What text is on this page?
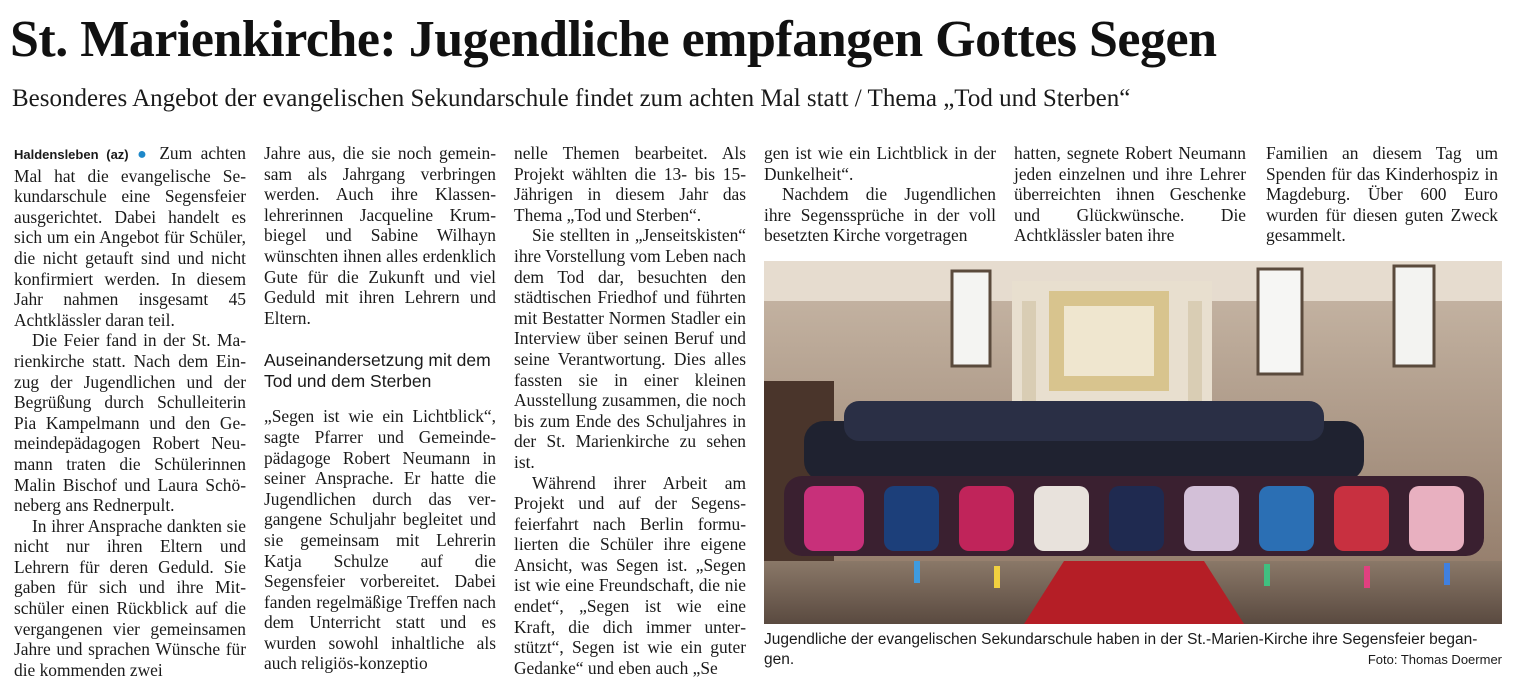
St. Marienkirche: Jugendliche empfangen Gottes Segen
Besonderes Angebot der evangelischen Sekundarschule findet zum achten Mal statt / Thema „Tod und Sterben“

Haldensleben (az) ● Zum achten Mal hat die evangelische Sekundarschule eine Segensfeier ausgerichtet. Dabei handelt es sich um ein Angebot für Schüler, die nicht getauft sind und nicht konfirmiert werden. In diesem Jahr nahmen insgesamt 45 Achtklässler daran teil.

Die Feier fand in der St. Marienkirche statt. Nach dem Einzug der Jugendlichen und der Begrüßung durch Schulleiterin Pia Kampelmann und den Gemeindepädagogen Robert Neumann traten die Schülerinnen Malin Bischof und Laura Schöneberg ans Rednerpult.

In ihrer Ansprache dankten sie nicht nur ihren Eltern und Lehrern für deren Geduld. Sie gaben für sich und ihre Mitschüler einen Rückblick auf die vergangenen vier gemeinsamen Jahre und sprachen Wünsche für die kommenden zwei

Jahre aus, die sie noch gemeinsam als Jahrgang verbringen werden. Auch ihre Klassenlehrerinnen Jacqueline Krumbiegel und Sabine Wilhayn wünschten ihnen alles erdenklich Gute für die Zukunft und viel Geduld mit ihren Lehrern und Eltern.

Auseinandersetzung mit dem Tod und dem Sterben

„Segen ist wie ein Lichtblick“, sagte Pfarrer und Gemeindepädagoge Robert Neumann in seiner Ansprache. Er hatte die Jugendlichen durch das vergangene Schuljahr begleitet und sie gemeinsam mit Lehrerin Katja Schulze auf die Segensfeier vorbereitet. Dabei fanden regelmäßige Treffen nach dem Unterricht statt und es wurden sowohl inhaltliche als auch religiös-konzeptio

nelle Themen bearbeitet. Als Projekt wählten die 13- bis 15-Jährigen in diesem Jahr das Thema „Tod und Sterben“.

Sie stellten in „Jenseitskisten“ ihre Vorstellung vom Leben nach dem Tod dar, besuchten den städtischen Friedhof und führten mit Bestatter Normen Stadler ein Interview über seinen Beruf und seine Verantwortung. Dies alles fassten sie in einer kleinen Ausstellung zusammen, die noch bis zum Ende des Schuljahres in der St. Marienkirche zu sehen ist.

Während ihrer Arbeit am Projekt und auf der Segensfeierfahrt nach Berlin formulierten die Schüler ihre eigene Ansicht, was Segen ist. „Segen ist wie eine Freundschaft, die nie endet“, „Segen ist wie eine Kraft, die dich immer unterstützt“, Segen ist wie ein guter Gedanke“ und eben auch „Se

gen ist wie ein Lichtblick in der Dunkelheit“.

Nachdem die Jugendlichen ihre Segenssprüche in der voll besetzten Kirche vorgetragen

hatten, segnete Robert Neumann jeden einzelnen und ihre Lehrer überreichten ihnen Geschenke und Glückwünsche. Die Achtklässler baten ihre

Familien an diesem Tag um Spenden für das Kinderhospiz in Magdeburg. Über 600 Euro wurden für diesen guten Zweck gesammelt.

Jugendliche der evangelischen Sekundarschule haben in der St.-Marien-Kirche ihre Segensfeier begangen.	Foto: Thomas Doermer
